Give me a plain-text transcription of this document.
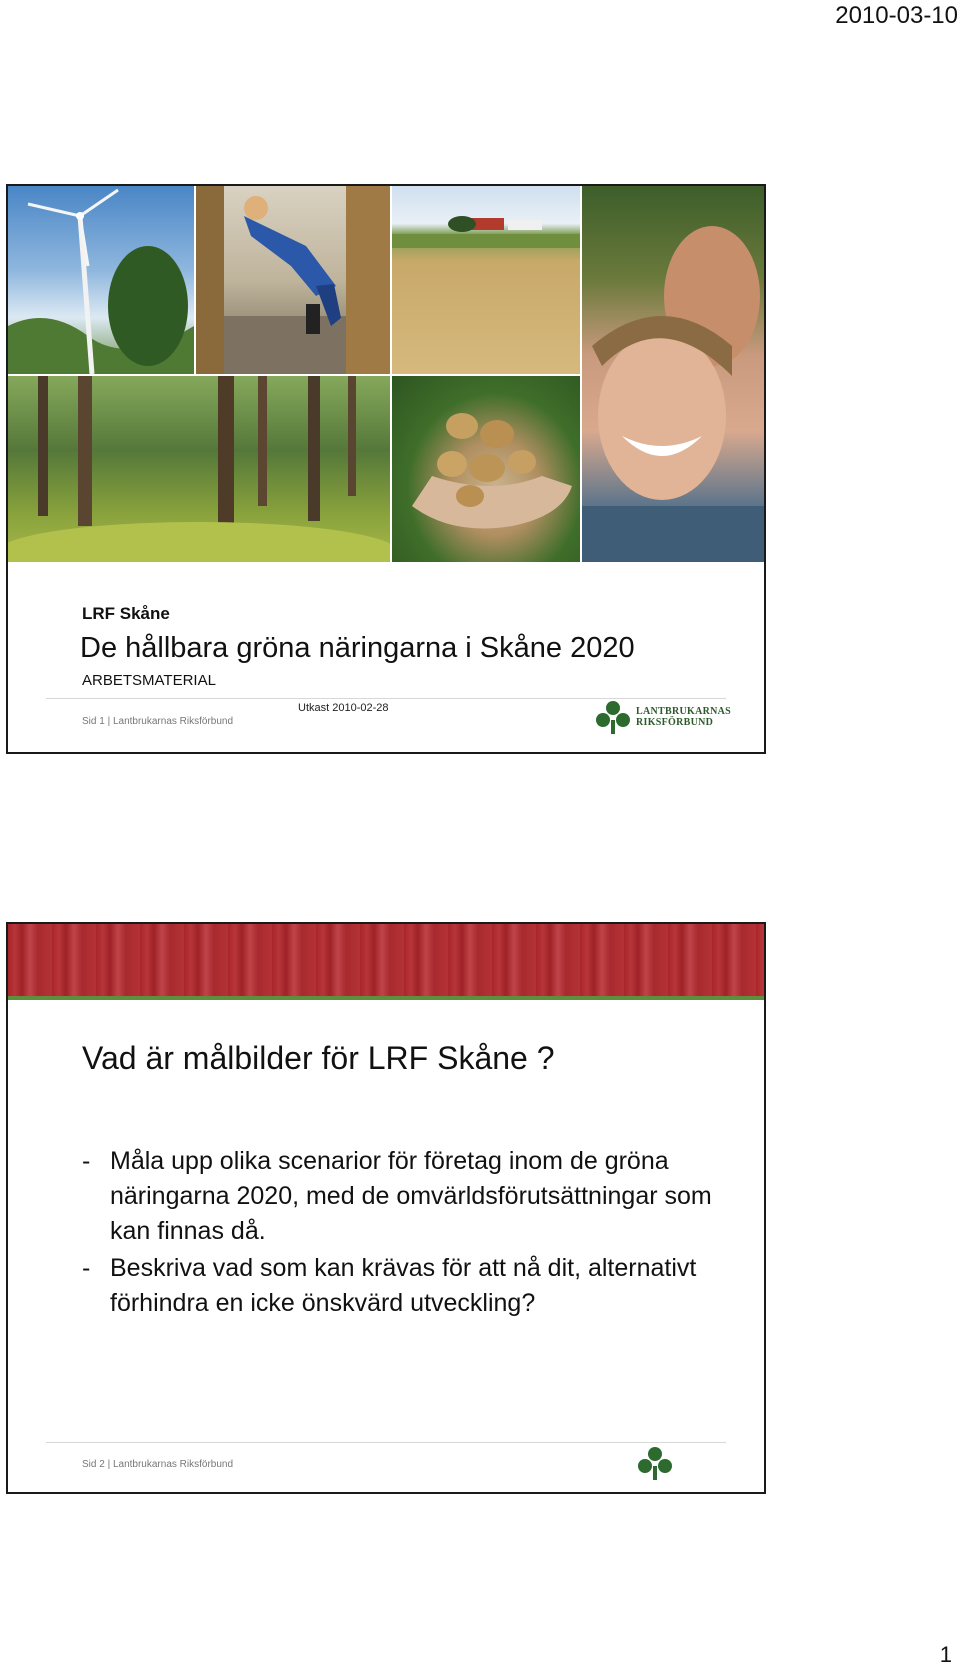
2010-03-10
LRF Skåne
De hållbara gröna näringarna i Skåne 2020
ARBETSMATERIAL
Sid 1 | Lantbrukarnas Riksförbund
Utkast 2010-02-28	LANTBRUKARNAS
RIKSFÖRBUND
Vad är målbilder för LRF Skåne ?
- Måla upp olika scenarior för företag inom de gröna näringarna 2020, med de omvärldsförutsättningar som kan finnas då.
- Beskriva vad som kan krävas för att nå dit, alternativt förhindra en icke önskvärd utveckling?
Sid 2 | Lantbrukarnas Riksförbund
1
